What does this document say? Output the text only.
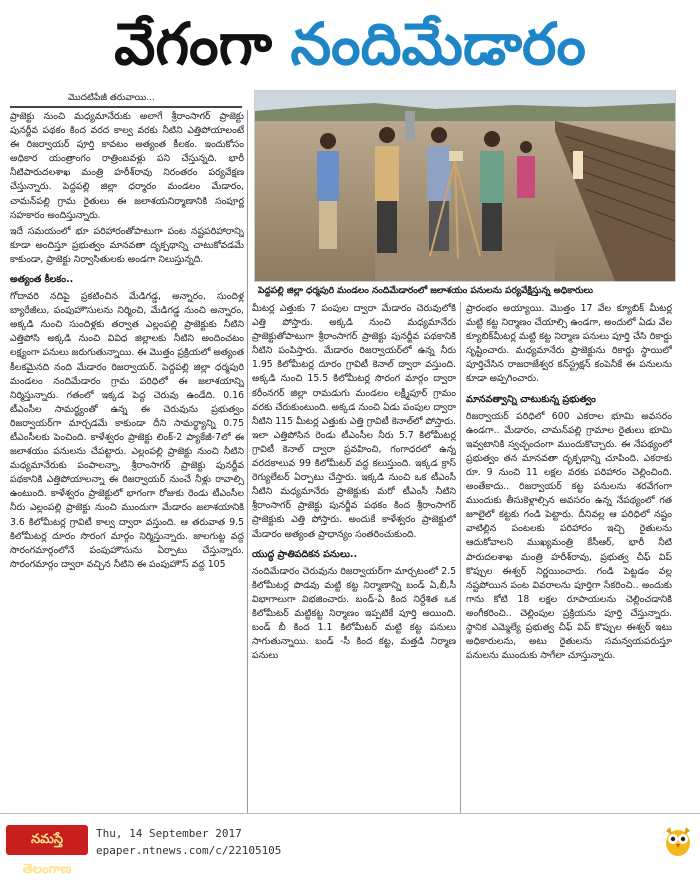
వేగంగా నందిమేడారం
మొదటిపేజీ తరువాయి...
పెద్దపల్లి జిల్లా ధర్మపురి మండలం నందిమేడారంలో జలాశయం పనులను పర్యవేక్షిస్తున్న అధికారులు

ప్రాజెక్టు నుంచి మధ్యమానేరుకు అలాగే శ్రీరాంసాగర్ ప్రాజెక్టు పునర్జీవ పథకం కింద వరద కాల్వ వరకు నీటిని ఎత్తిపోయాలంటే ఈ రిజర్వాయర్ పూర్తి కావటం అత్యంత కీలకం. ఇందుకోసం అధికార యంత్రాంగం రాత్రింబవళ్లు పని చేస్తున్నది. భారీ నీటిపారుదలశాఖ మంత్రి హరీశ్‌రావు నిరంతరం పర్యవేక్షణ చేస్తున్నారు. పెద్దపల్లి జిల్లా ధర్మారం మండలం మేడారం, చామన్‌పల్లి గ్రామ రైతులు ఈ జలాశయనిర్మాణానికి సంపూర్ణ సహకారం అందిస్తున్నారు.

ఇదే సమయంలో భూ పరిహారంతోపాటుగా పంట నష్టపరిహారాన్ని కూడా అందిస్తూ ప్రభుత్వం మానవతా దృక్పథాన్ని చాటుకోవడమే కాకుండా, ప్రాజెక్టు నిర్వాసితులకు అండగా నిలుస్తున్నది.

అత్యంత కీలకం..

గోదావరి నదిపై ప్రకటించిన మేడిగడ్డ, అన్నారం, సుందిళ్ల బ్యారేజీలు, పంపుహౌసులను నిర్మించి, మేడిగడ్డ నుంచి అన్నారం, అక్కడి నుంచి సుందిళ్లకు తర్వాత ఎల్లంపల్లి ప్రాజెక్టుకు నీటిని ఎత్తిపోసి అక్కడి నుంచి వివిధ జిల్లాలకు నీటిని అందించటం లక్ష్యంగా పనులు జరుగుతున్నాయి. ఈ మొత్తం ప్రక్రియలో అత్యంత కీలకమైనది నంది మేడారం రిజర్వాయర్. పెద్దపల్లి జిల్లా ధర్మపురి మండలం నందిమేడారం గ్రామ పరిధిలో ఈ జలాశయాన్ని నిర్మిస్తున్నారు. గతంలో ఇక్కడ పెద్ద చెరువు ఉండేది. 0.16 టీఎంసీల సామర్థ్యంతో ఉన్న ఈ చెరువును ప్రభుత్వం రిజర్వాయర్‌గా మార్చడమే కాకుండా దీని సామర్థ్యాన్ని 0.75 టీఎంసీలకు పెంచింది. కాళేశ్వరం ప్రాజెక్టు లింక్-2 ప్యాకేజీ-7లో ఈ జలాశయం పనులను చేపట్టారు. ఎల్లంపల్లి ప్రాజెక్టు నుంచి నీటిని మధ్యమానేరుకు పంపాలన్నా, శ్రీరాంసాగర్ ప్రాజెక్టు పునర్జీవ పథకానికి ఎత్తిపోయాలన్నా ఈ రిజర్వాయర్ నుంచే నీళ్లు రావాల్సి ఉంటుంది. కాళేశ్వరం ప్రాజెక్టులో భాగంగా రోజుకు రెండు టీఎంసీల నీరు ఎల్లంపల్లి ప్రాజెక్టు నుంచి ముందుగా మేడారం జలాశయానికి 3.6 కిలోమీటర్ల గ్రావిటీ కాల్వ ద్వారా వస్తుంది. ఆ తరువాత 9.5 కిలోమీటర్ల దూరం సొరంగ మార్గం నిర్మిస్తున్నారు. జాలగుట్ట వద్ద సొరంగమార్గంలోనే పంపుహౌసును ఏర్పాటు చేస్తున్నారు. సొరంగమార్గం ద్వారా వచ్చిన నీటిని ఈ పంపుహౌస్ వద్ద 105

మీటర్ల ఎత్తుకు 7 పంపుల ద్వారా మేడారం చెరువులోకి ఎత్తి పోస్తారు. అక్కడి నుంచి మధ్యమానేరు ప్రాజెక్టుతోపాటుగా శ్రీరాంసాగర్ ప్రాజెక్టు పునర్జీవ పథకానికి నీటిని పంపిస్తారు. మేడారం రిజర్వాయర్‌లో ఉన్న నీరు 1.95 కిలోమీటర్ల దూరం గ్రావిటీ కెనాల్ ద్వారా వస్తుంది. అక్కడి నుంచి 15.5 కిలోమీటర్ల సొరంగ మార్గం ద్వారా కరీంనగర్ జిల్లా రామడుగు మండలం లక్ష్మీపూర్ గ్రామం వరకు చేరుకుంటుంది. అక్కడ నుంచి ఏడు పంపుల ద్వారా నీటిని 115 మీటర్ల ఎత్తుకు ఎత్తి గ్రావిటీ కెనాల్‌లో పోస్తారు. ఇలా ఎత్తిపోసిన రెండు టీఎంసీల నీరు 5.7 కిలోమీటర్ల గ్రావిటీ కెనాల్ ద్వారా ప్రవహించి, గంగాధరలో ఉన్న వరదకాలువ 99 కిలోమీటర్ వద్ద కలుస్తుంది. ఇక్కడ క్రాస్ రెగ్యులేటర్ ఏర్పాటు చేస్తారు. ఇక్కడి నుంచి ఒక టీఎంసీ నీటిని మధ్యమానేరు ప్రాజెక్టుకు మరో టీఎంసీ నీటిని శ్రీరాంసాగర్ ప్రాజెక్టు పునర్జీవ పథకం కింద శ్రీరాంసాగర్ ప్రాజెక్టుకు ఎత్తి పోస్తారు. అందుకే కాళేశ్వరం ప్రాజెక్టులో మేడారం అత్యంత ప్రాధాన్యం సంతరించుకుంది.

యుద్ధ ప్రాతిపదికన పనులు..

నందిమేడారం చెరువును రిజర్వాయర్‌గా మార్చటంలో 2.5 కిలోమీటర్ల పొడవు మట్టి కట్ట నిర్మాణాన్ని బండ్ ఏ,బీ,సీ విభాగాలుగా విభజించారు. బండ్-ఏ కింద నిర్దేశిత ఒక కిలోమీటర్ మట్టికట్ట నిర్మాణం ఇప్పటికే పూర్తి అయింది. బండ్ బీ కింద 1.1 కిలోమీటర్ మట్టి కట్ట పనులు సాగుతున్నాయి. బండ్ -సీ కింద కట్ట, మత్తడి నిర్మాణ పనులు

ప్రారంభం అయ్యాయి. మొత్తం 17 వేల క్యూబిక్ మీటర్ల మట్టి కట్ట నిర్మాణం చేయాల్సి ఉండగా, అందులో ఏడు వేల క్యూబిక్‌మీటర్ల మట్టి కట్ట నిర్మాణ పనులు పూర్తి చేసి రికార్డు సృష్టించారు. మధ్యమానేరు ప్రాజెక్టును రికార్డు స్థాయిలో పూర్తిచేసిన రాజరాజేశ్వర కన్‌స్ట్రక్షన్ కంపెనీకే ఈ పనులను కూడా అప్పగించారు.

మానవత్వాన్ని చాటుకున్న ప్రభుత్వం

రిజర్వాయర్ పరిధిలో 600 ఎకరాల భూమి అవసరం ఉండగా.. మేడారం, చామన్‌పల్లి గ్రామాల రైతులు భూమి ఇవ్వటానికి స్వచ్ఛందంగా ముందుకొచ్చారు. ఈ నేపథ్యంలో ప్రభుత్వం తన మానవతా దృక్పథాన్ని చూపింది. ఎకరాకు రూ. 9 నుంచి 11 లక్షల వరకు పరిహారం చెల్లించింది. అంతేకాదు.. రిజర్వాయర్ కట్ట పనులను శరవేగంగా ముందుకు తీసుకెళ్లాల్సిన అవసరం ఉన్న నేపథ్యంలో గత జూలైలో కట్టకు గండి పెట్టారు. దీనివల్ల ఆ పరిధిలో నష్టం వాటిల్లిన పంటలకు పరిహారం ఇచ్చి రైతులను ఆదుకోవాలని ముఖ్యమంత్రి కేసీఆర్, భారీ నీటి పారుదలశాఖ మంత్రి హరీశ్‌రావు, ప్రభుత్వ చీఫ్ విప్ కొప్పుల ఈశ్వర్ నిర్ణయించారు. గండి పెట్టడం వల్ల నష్టపోయిన పంట వివరాలను పూర్తిగా సేకరించి.. అందుకు గాను కోటి 18 లక్షల రూపాయలను చెల్లించడానికి అంగీకరించి.. చెల్లింపుల ప్రక్రియను పూర్తి చేస్తున్నారు. స్థానిక ఎమ్మెల్యే ప్రభుత్వ చీఫ్ విప్ కొప్పుల ఈశ్వర్ ఇటు అధికారులను, అటు రైతులను సమన్వయపరుస్తూ పనులను ముందుకు సాగేలా చూస్తున్నారు.

నమస్తే తెలంగాణ
Thu, 14 September 2017
epaper.ntnews.com/c/22105105
